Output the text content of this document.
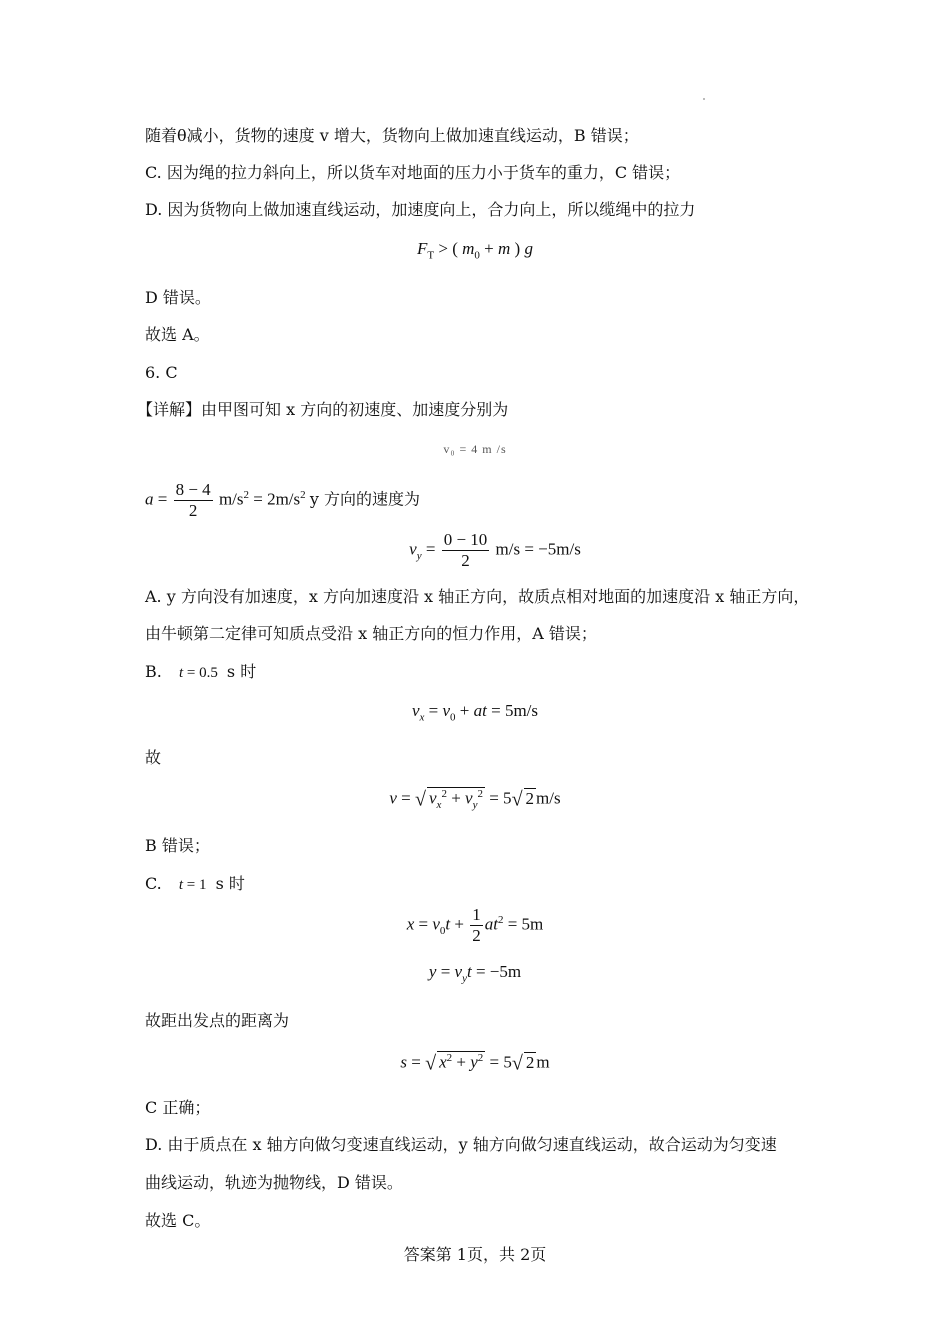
随着θ减小，货物的速度 v 增大，货物向上做加速直线运动，B 错误；
C. 因为绳的拉力斜向上，所以货车对地面的压力小于货车的重力，C 错误；
D. 因为货物向上做加速直线运动，加速度向上，合力向上，所以缆绳中的拉力
$F_T$ > ( $m_0 + m$ ) g
D 错误。
故选 A。
6. C
【详解】由甲图可知 x 方向的初速度、加速度分别为
v₀ = 4 m /s
$a = \frac{8 - 4}{2} m/s^2 = 2m/s^2$ y 方向的速度为
$v_y = \frac{0 - 10}{2} m/s = -5m/s$
A. y 方向没有加速度，x 方向加速度沿 x 轴正方向，故质点相对地面的加速度沿 x 轴正方向，
由牛顿第二定律可知质点受沿 x 轴正方向的恒力作用，A 错误；
B. t = 0.5 s 时
$v_x = v_0$ + at = 5m/s
故
v = √ $v_x^2 + v_y^2 = 5√$ 2 m/s
B 错误；
C. t = 1 s 时
$x = v_0t + \frac{1}{2} at^2 = 5m$
$y = v_yt = -5m$
故距出发点的距离为
s = √ $x^2 + y^2 = 5√$ 2 m
C 正确；
D. 由于质点在 x 轴方向做匀变速直线运动，y 轴方向做匀速直线运动，故合运动为匀变速
曲线运动，轨迹为抛物线，D 错误。
故选 C。
答案第 1页，共 2页
